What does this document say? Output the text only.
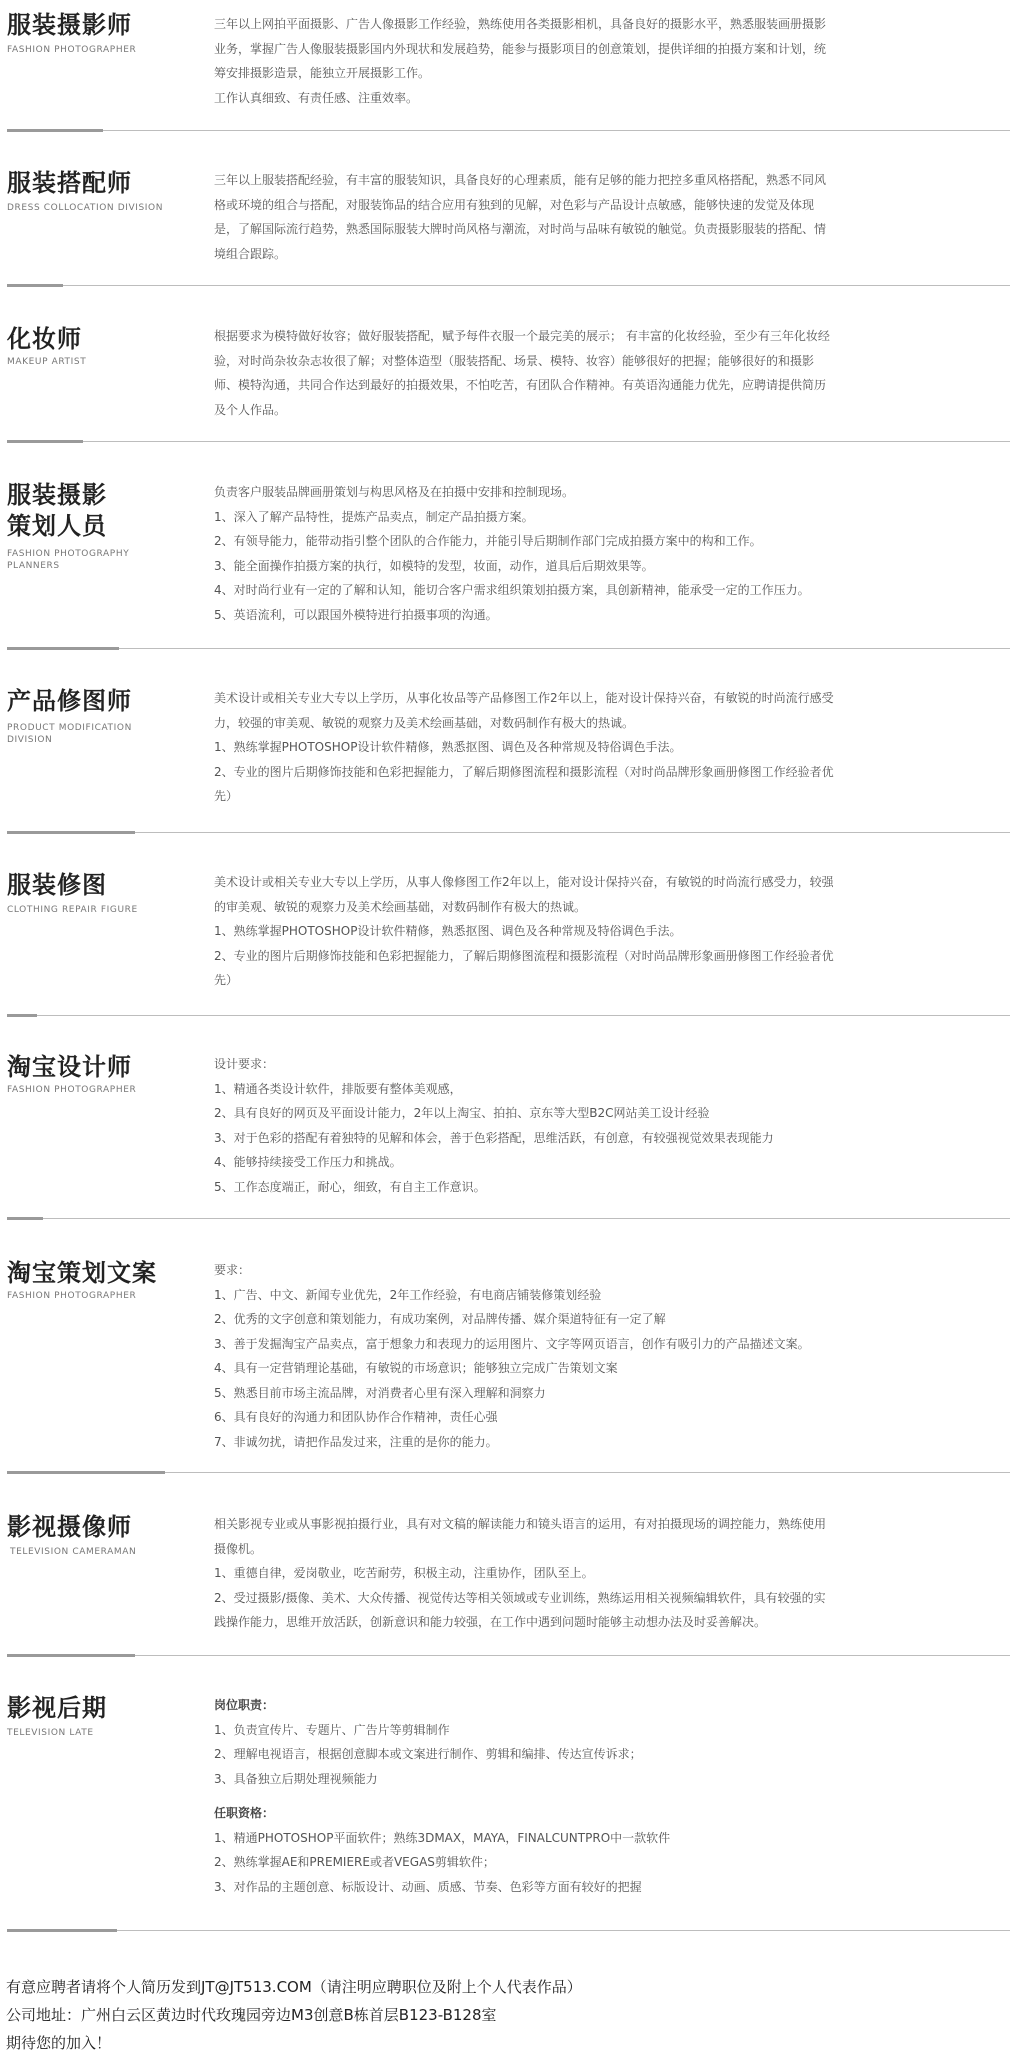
服装摄影师
FASHION PHOTOGRAPHER

三年以上网拍平面摄影、广告人像摄影工作经验，熟练使用各类摄影相机，具备良好的摄影水平，熟悉服装画册摄影

业务，掌握广告人像服装摄影国内外现状和发展趋势，能参与摄影项目的创意策划，提供详细的拍摄方案和计划，统

筹安排摄影造景，能独立开展摄影工作。

工作认真细致、有责任感、注重效率。

服装搭配师
DRESS COLLOCATION DIVISION

三年以上服装搭配经验，有丰富的服装知识，具备良好的心理素质，能有足够的能力把控多重风格搭配，熟悉不同风

格或环境的组合与搭配，对服装饰品的结合应用有独到的见解，对色彩与产品设计点敏感，能够快速的发觉及体现

是，了解国际流行趋势，熟悉国际服装大牌时尚风格与潮流，对时尚与品味有敏锐的触觉。负责摄影服装的搭配、情

境组合跟踪。

化妆师
MAKEUP ARTIST

根据要求为模特做好妆容；做好服装搭配，赋予每件衣服一个最完美的展示； 有丰富的化妆经验，至少有三年化妆经

验，对时尚杂妆杂志妆很了解；对整体造型（服装搭配、场景、模特、妆容）能够很好的把握；能够很好的和摄影

师、模特沟通，共同合作达到最好的拍摄效果，不怕吃苦，有团队合作精神。有英语沟通能力优先，应聘请提供简历

及个人作品。

服装摄影
策划人员
FASHION PHOTOGRAPHY PLANNERS

负责客户服装品牌画册策划与构思风格及在拍摄中安排和控制现场。

1、深入了解产品特性，提炼产品卖点，制定产品拍摄方案。

2、有领导能力，能带动指引整个团队的合作能力，并能引导后期制作部门完成拍摄方案中的构和工作。

3、能全面操作拍摄方案的执行，如模特的发型，妆面，动作，道具后后期效果等。

4、对时尚行业有一定的了解和认知，能切合客户需求组织策划拍摄方案，具创新精神，能承受一定的工作压力。

5、英语流利，可以跟国外模特进行拍摄事项的沟通。

产品修图师
PRODUCT MODIFICATION DIVISION

美术设计或相关专业大专以上学历，从事化妆品等产品修图工作2年以上，能对设计保持兴奋，有敏锐的时尚流行感受

力，较强的审美观、敏锐的观察力及美术绘画基础，对数码制作有极大的热诚。

1、熟练掌握PHOTOSHOP设计软件精修，熟悉抠图、调色及各种常规及特俗调色手法。

2、专业的图片后期修饰技能和色彩把握能力，了解后期修图流程和摄影流程（对时尚品牌形象画册修图工作经验者优

先）

服装修图
CLOTHING REPAIR FIGURE

美术设计或相关专业大专以上学历，从事人像修图工作2年以上，能对设计保持兴奋，有敏锐的时尚流行感受力，较强

的审美观、敏锐的观察力及美术绘画基础，对数码制作有极大的热诚。

1、熟练掌握PHOTOSHOP设计软件精修，熟悉抠图、调色及各种常规及特俗调色手法。

2、专业的图片后期修饰技能和色彩把握能力，了解后期修图流程和摄影流程（对时尚品牌形象画册修图工作经验者优

先）

淘宝设计师
FASHION PHOTOGRAPHER

设计要求：

1、精通各类设计软件，排版要有整体美观感，

2、具有良好的网页及平面设计能力，2年以上淘宝、拍拍、京东等大型B2C网站美工设计经验

3、对于色彩的搭配有着独特的见解和体会，善于色彩搭配，思维活跃，有创意，有较强视觉效果表现能力

4、能够持续接受工作压力和挑战。

5、工作态度端正，耐心，细致，有自主工作意识。

淘宝策划文案
FASHION PHOTOGRAPHER

要求：

1、广告、中文、新闻专业优先，2年工作经验，有电商店铺装修策划经验

2、优秀的文字创意和策划能力，有成功案例，对品牌传播、媒介渠道特征有一定了解

3、善于发掘淘宝产品卖点，富于想象力和表现力的运用图片、文字等网页语言，创作有吸引力的产品描述文案。

4、具有一定营销理论基础，有敏锐的市场意识；能够独立完成广告策划文案

5、熟悉目前市场主流品牌，对消费者心里有深入理解和洞察力

6、具有良好的沟通力和团队协作合作精神，责任心强

7、非诚勿扰，请把作品发过来，注重的是你的能力。

影视摄像师
TELEVISION CAMERAMAN

相关影视专业或从事影视拍摄行业，具有对文稿的解读能力和镜头语言的运用，有对拍摄现场的调控能力，熟练使用

摄像机。

1、重德自律，爱岗敬业，吃苦耐劳，积极主动，注重协作，团队至上。

2、受过摄影/摄像、美术、大众传播、视觉传达等相关领域或专业训练，熟练运用相关视频编辑软件，具有较强的实

践操作能力，思维开放活跃，创新意识和能力较强，在工作中遇到问题时能够主动想办法及时妥善解决。

影视后期
TELEVISION LATE

岗位职责：

1、负责宣传片、专题片、广告片等剪辑制作

2、理解电视语言，根据创意脚本或文案进行制作、剪辑和编排、传达宣传诉求；

3、具备独立后期处理视频能力

任职资格：

1、精通PHOTOSHOP平面软件；熟练3DMAX，MAYA，FINALCUNTPRO中一款软件

2、熟练掌握AE和PREMIERE或者VEGAS剪辑软件；

3、对作品的主题创意、标版设计、动画、质感、节奏、色彩等方面有较好的把握

有意应聘者请将个人简历发到JT@JT513.COM（请注明应聘职位及附上个人代表作品）

公司地址：广州白云区黄边时代玫瑰园旁边M3创意B栋首层B123-B128室

期待您的加入！
